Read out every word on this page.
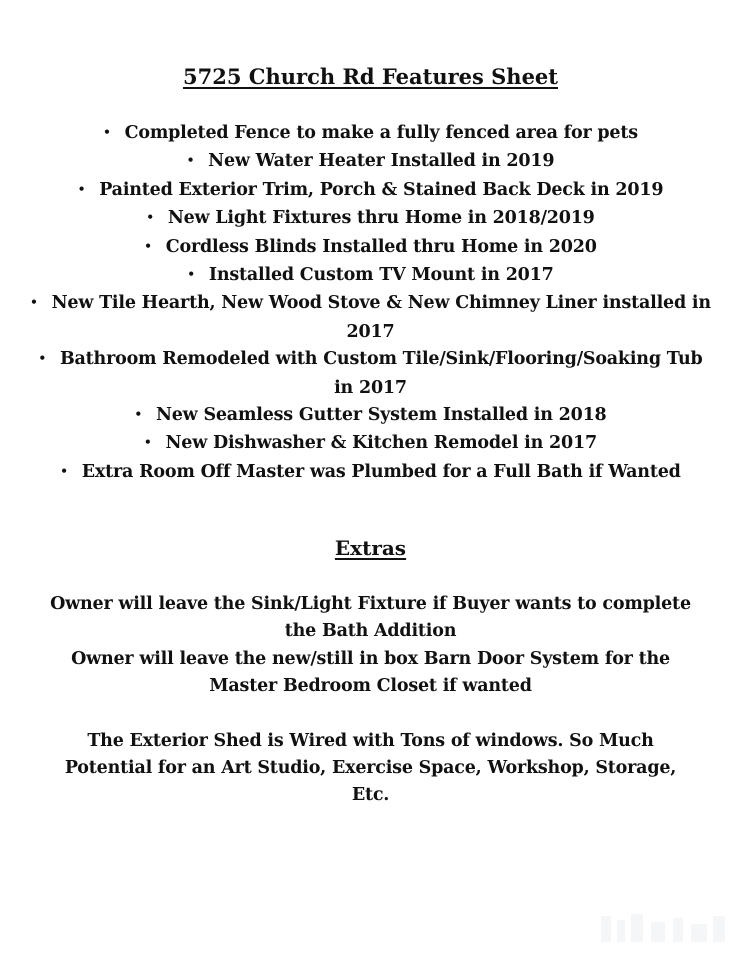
5725 Church Rd Features Sheet
• Completed Fence to make a fully fenced area for pets
• New Water Heater Installed in 2019
• Painted Exterior Trim, Porch & Stained Back Deck in 2019
• New Light Fixtures thru Home in 2018/2019
• Cordless Blinds Installed thru Home in 2020
• Installed Custom TV Mount in 2017
• New Tile Hearth, New Wood Stove & New Chimney Liner installed in 2017
• Bathroom Remodeled with Custom Tile/Sink/Flooring/Soaking Tub in 2017
• New Seamless Gutter System Installed in 2018
• New Dishwasher & Kitchen Remodel in 2017
• Extra Room Off Master was Plumbed for a Full Bath if Wanted
Extras

Owner will leave the Sink/Light Fixture if Buyer wants to complete the Bath Addition

Owner will leave the new/still in box Barn Door System for the Master Bedroom Closet if wanted

The Exterior Shed is Wired with Tons of windows. So Much Potential for an Art Studio, Exercise Space, Workshop, Storage, Etc.
